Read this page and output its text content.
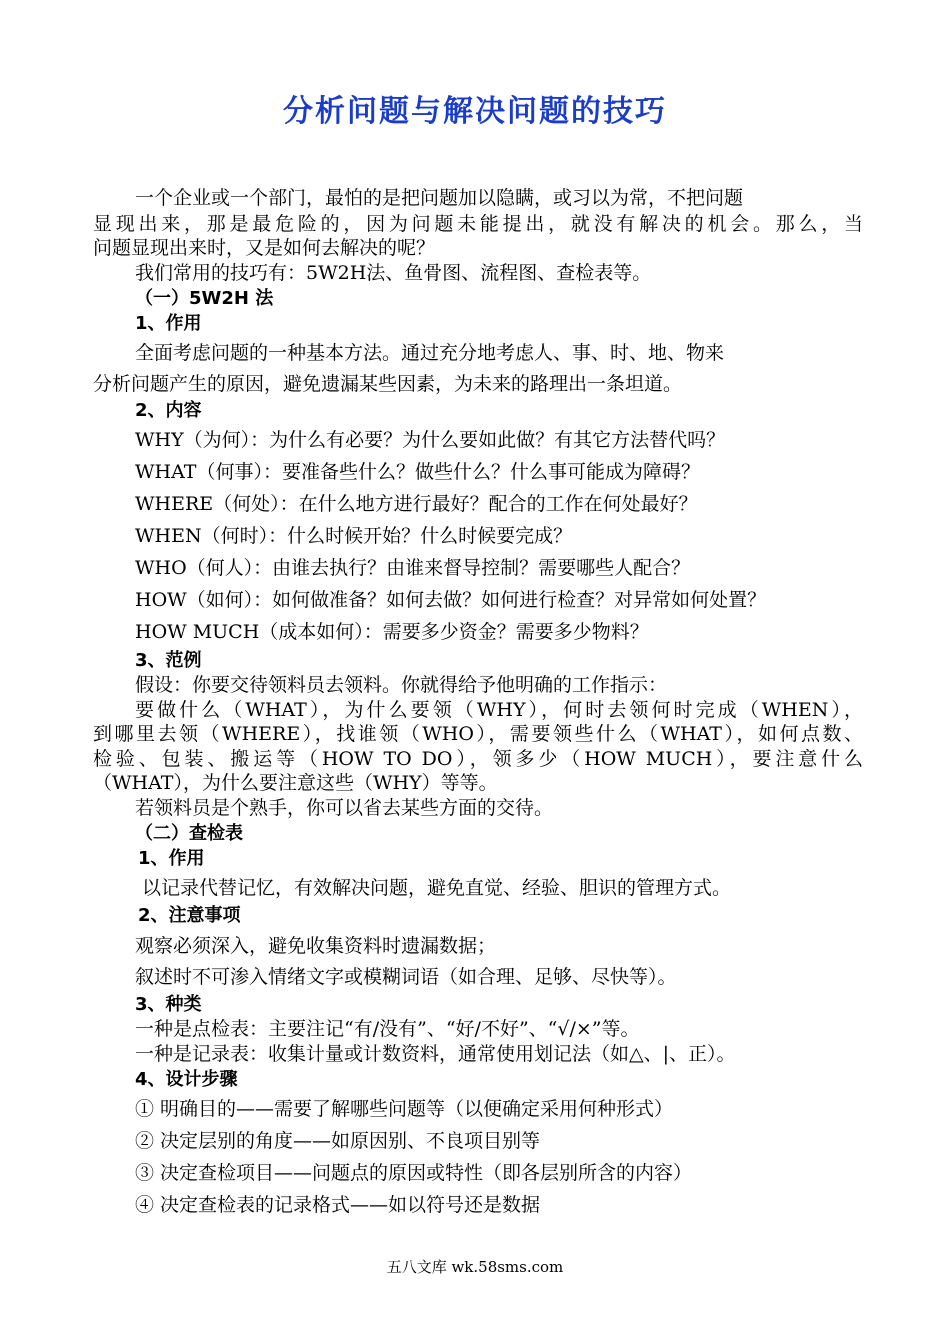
分析问题与解决问题的技巧
一个企业或一个部门，最怕的是把问题加以隐瞒，或习以为常，不把问题
显现出来，那是最危险的，因为问题未能提出，就没有解决的机会。那么，当
问题显现出来时，又是如何去解决的呢？
我们常用的技巧有：5W2H法、鱼骨图、流程图、查检表等。
（一）5W2H 法
1、作用
全面考虑问题的一种基本方法。通过充分地考虑人、事、时、地、物来
分析问题产生的原因，避免遗漏某些因素，为未来的路理出一条坦道。
2、内容
WHY（为何）：为什么有必要？为什么要如此做？有其它方法替代吗？
WHAT（何事）：要准备些什么？做些什么？什么事可能成为障碍？
WHERE（何处）：在什么地方进行最好？配合的工作在何处最好？
WHEN（何时）：什么时候开始？什么时候要完成？
WHO（何人）：由谁去执行？由谁来督导控制？需要哪些人配合？
HOW（如何）：如何做准备？如何去做？如何进行检查？对异常如何处置？
HOW MUCH（成本如何）：需要多少资金？需要多少物料？
3、范例
假设：你要交待领料员去领料。你就得给予他明确的工作指示：
要做什么（WHAT），为什么要领（WHY），何时去领何时完成（WHEN），
到哪里去领（WHERE），找谁领（WHO），需要领些什么（WHAT），如何点数、
检验、包装、搬运等（HOW TO DO），领多少（HOW MUCH），要注意什么
（WHAT），为什么要注意这些（WHY）等等。
若领料员是个熟手，你可以省去某些方面的交待。
（二）查检表
1、作用
以记录代替记忆，有效解决问题，避免直觉、经验、胆识的管理方式。
2、注意事项
观察必须深入，避免收集资料时遗漏数据；
叙述时不可渗入情绪文字或模糊词语（如合理、足够、尽快等）。
3、种类
一种是点检表：主要注记“有/没有”、“好/不好”、“√/×”等。
一种是记录表：收集计量或计数资料，通常使用划记法（如△、|、正）。
4、设计步骤
① 明确目的——需要了解哪些问题等（以便确定采用何种形式）
② 决定层别的角度——如原因别、不良项目别等
③ 决定查检项目——问题点的原因或特性（即各层别所含的内容）
④ 决定查检表的记录格式——如以符号还是数据
五八文库 wk.58sms.com
